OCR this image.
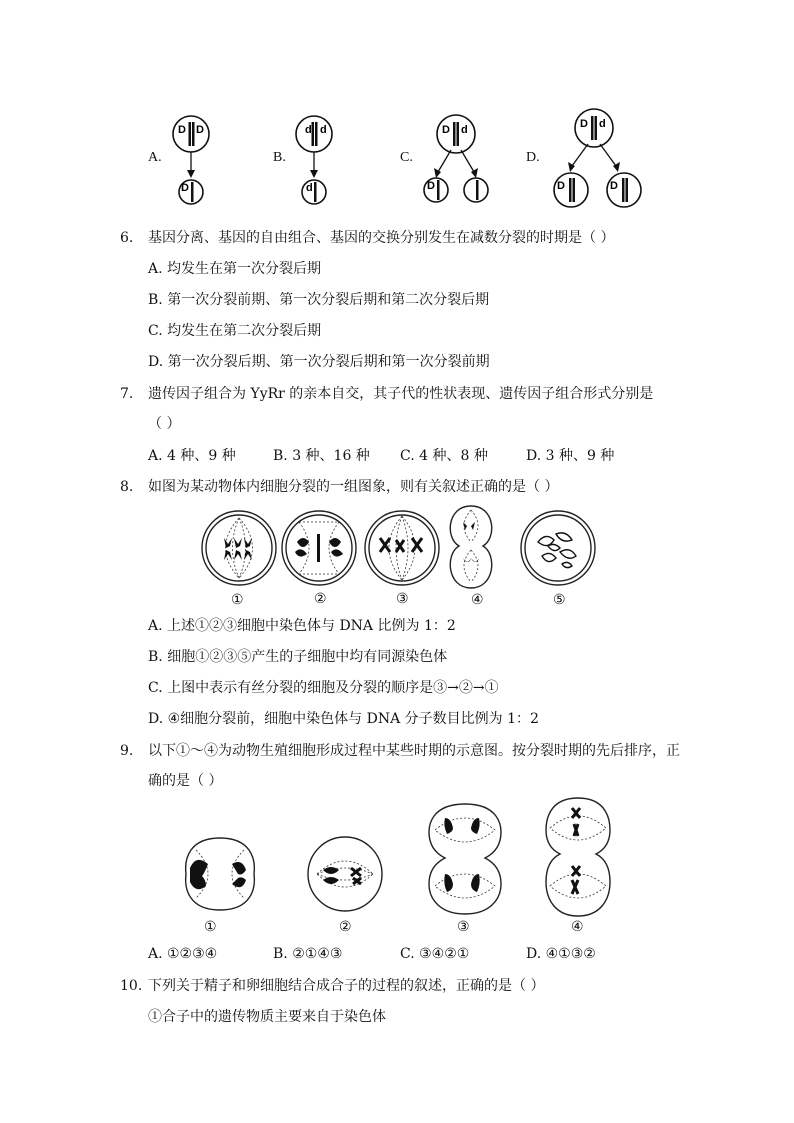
A.
D D
D
B.
d d
d
C.
D d
D
D.
D d
D	D
6. 基因分离、基因的自由组合、基因的交换分别发生在减数分裂的时期是（ ）
A. 均发生在第一次分裂后期
B. 第一次分裂前期、第一次分裂后期和第二次分裂后期
C. 均发生在第二次分裂后期
D. 第一次分裂后期、第一次分裂后期和第一次分裂前期
7. 遗传因子组合为 YyRr 的亲本自交，其子代的性状表现、遗传因子组合形式分别是
（ ）
A. 4 种、9 种	B. 3 种、16 种 C. 4 种、8 种	D. 3 种、9 种
8. 如图为某动物体内细胞分裂的一组图象，则有关叙述正确的是（ ）
①	②	③	④	⑤
A. 上述①②③细胞中染色体与 DNA 比例为 1：2
B. 细胞①②③⑤产生的子细胞中均有同源染色体
C. 上图中表示有丝分裂的细胞及分裂的顺序是③→②→①
D. ④细胞分裂前，细胞中染色体与 DNA 分子数目比例为 1：2
9. 以下①～④为动物生殖细胞形成过程中某些时期的示意图。按分裂时期的先后排序，正
确的是（ ）
①	②	③	④
A. ①②③④	B. ②①④③	C. ③④②①	D. ④①③②
10. 下列关于精子和卵细胞结合成合子的过程的叙述，正确的是（ ）
①合子中的遗传物质主要来自于染色体
